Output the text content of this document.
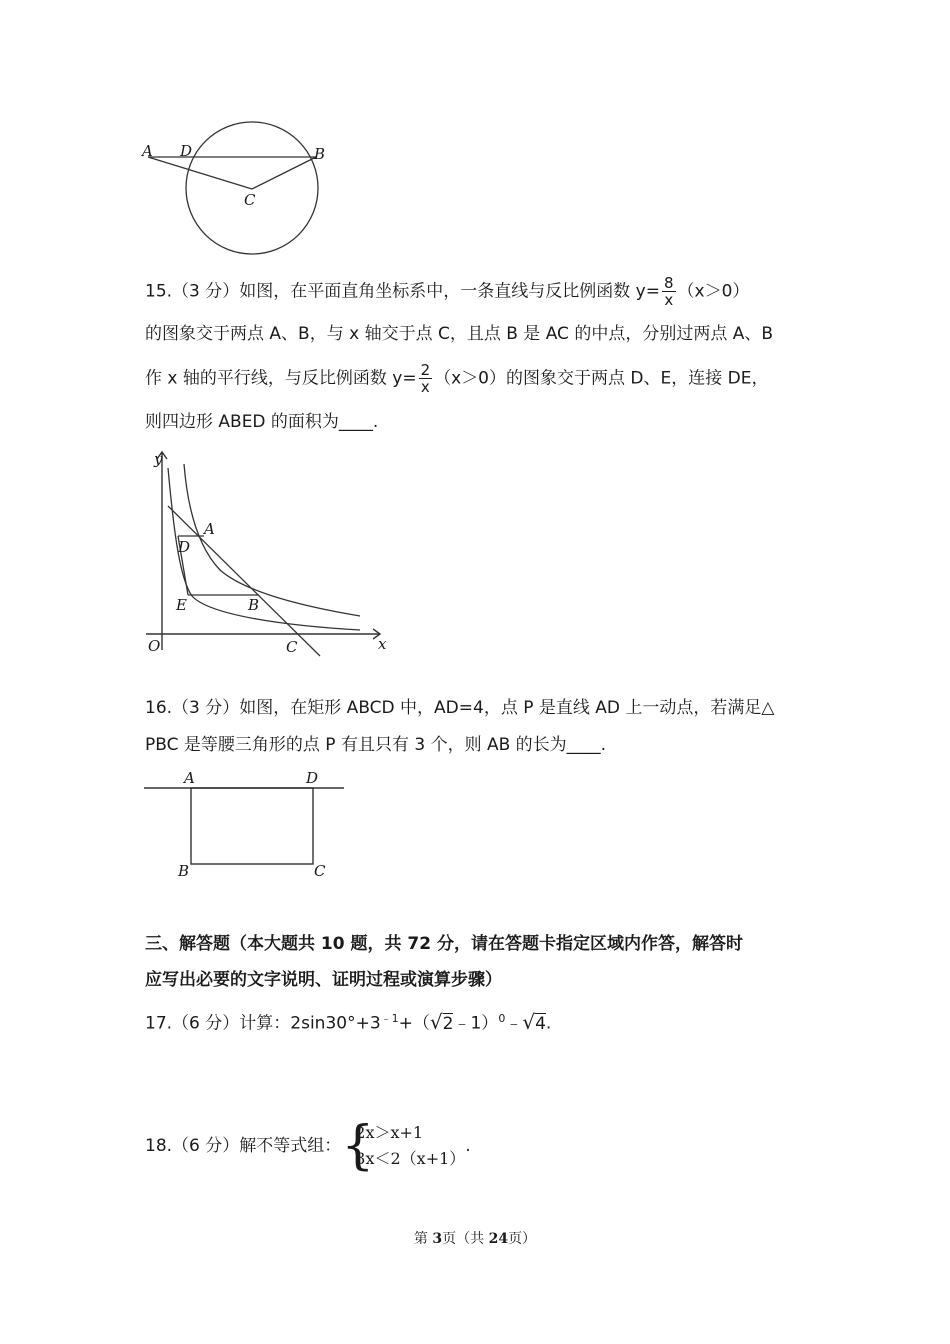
A D	B
C
15.（3 分）如图，在平面直角坐标系中，一条直线与反比例函数 $y= \frac{8}{x} (x>0)$
的图象交于两点 A、B，与 x 轴交于点 C，且点 B 是 AC 的中点，分别过两点 A、B
作 x 轴的平行线，与反比例函数 $y= \frac{2}{x} (x>0)$的图象交于两点 D、E，连接 DE，
则四边形 ABED 的面积为____.
y
A
D
E	B
O	C	x
16.（3 分）如图，在矩形 ABCD 中，AD=4，点 P 是直线 AD 上一动点，若满足△
PBC 是等腰三角形的点 P 有且只有 3 个，则 AB 的长为____.
A	D
B	C
三、解答题（本大题共 10 题，共 72 分，请在答题卡指定区域内作答，解答时
应写出必要的文字说明、证明过程或演算步骤）
17.（6 分）计算：$2\sin 30^\circ+3^{﹣1}+(√2﹣1)^0﹣√4$.
18.（6 分）解不等式组： {
2x＞x+1
3x＜2（x+1）
.
第 3页（共 24页）
